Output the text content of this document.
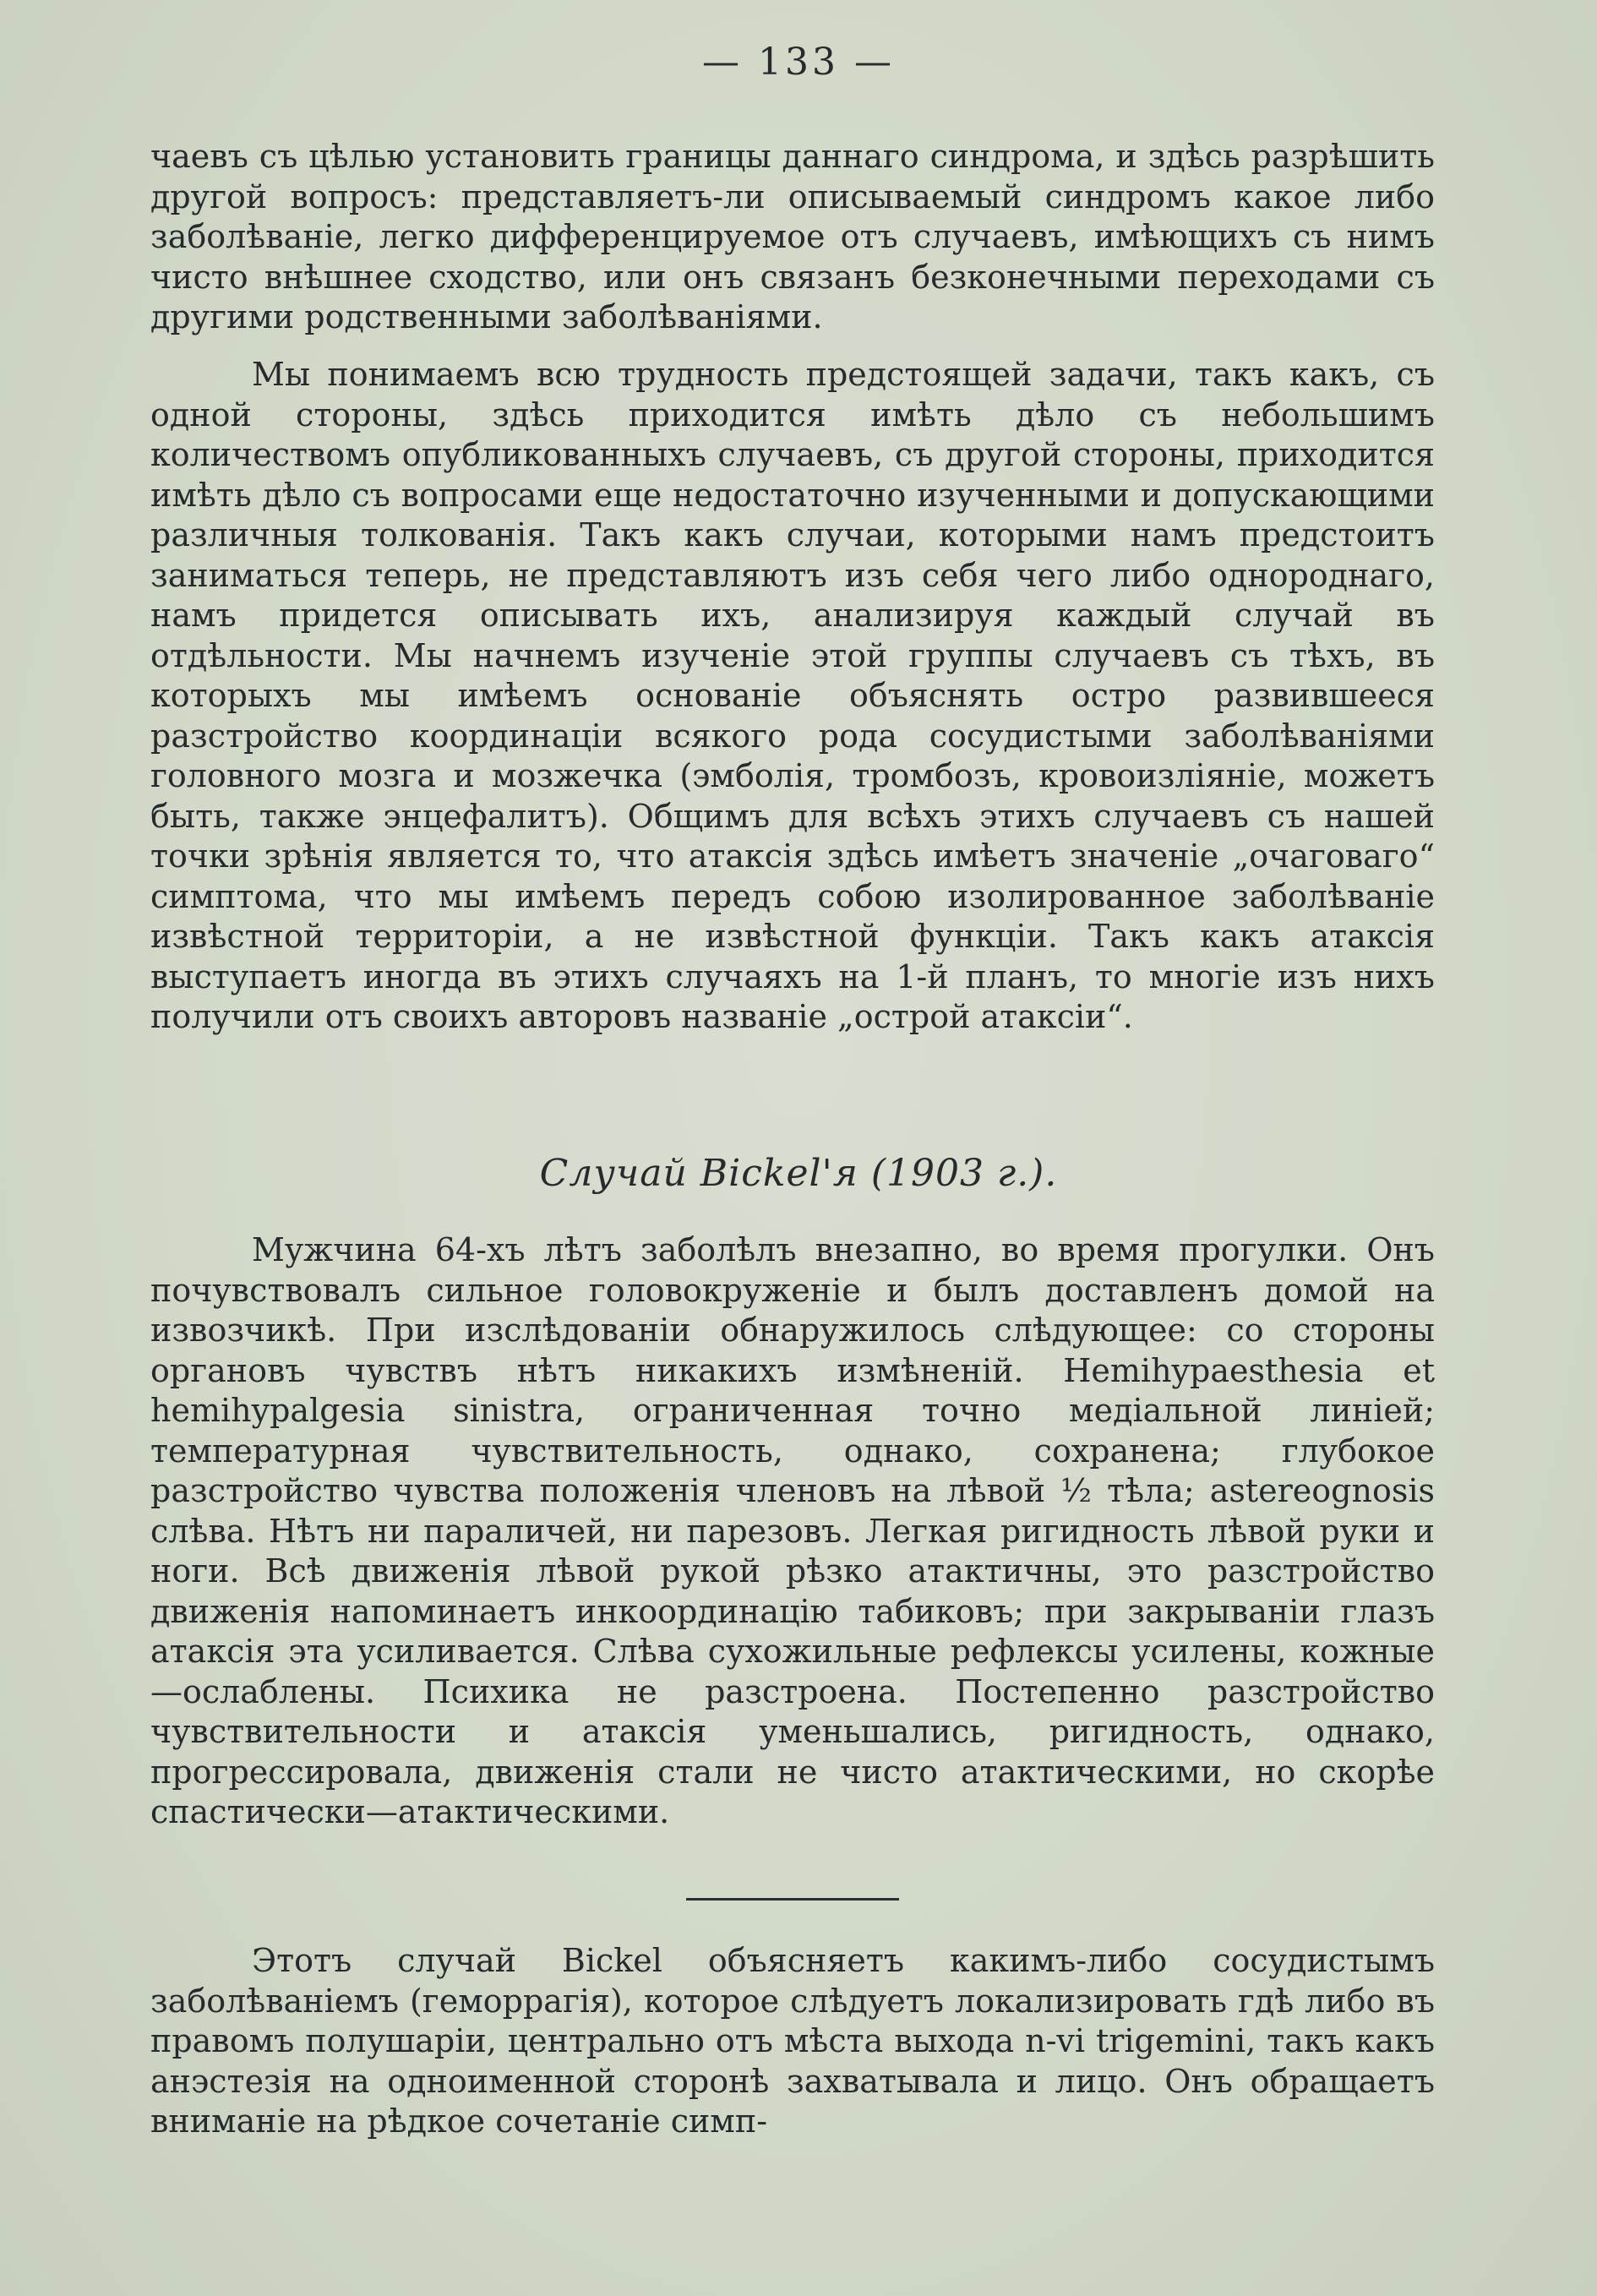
— 133 —

чаевъ съ цѣлью установить границы даннаго синдрома, и здѣсь разрѣшить другой вопросъ: представляетъ-ли описываемый синдромъ какое либо заболѣваніе, легко дифференцируемое отъ случаевъ, имѣющихъ съ нимъ чисто внѣшнее сходство, или онъ связанъ безконечными переходами съ другими родственными заболѣваніями.

Мы понимаемъ всю трудность предстоящей задачи, такъ какъ, съ одной стороны, здѣсь приходится имѣть дѣло съ небольшимъ количествомъ опубликованныхъ случаевъ, съ другой стороны, приходится имѣть дѣло съ вопросами еще недостаточно изученными и допускающими различныя толкованія. Такъ какъ случаи, которыми намъ предстоитъ заниматься теперь, не представляютъ изъ себя чего либо однороднаго, намъ придется описывать ихъ, анализируя каждый случай въ отдѣльности. Мы начнемъ изученіе этой группы случаевъ съ тѣхъ, въ которыхъ мы имѣемъ основаніе объяснять остро развившееся разстройство координаціи всякого рода сосудистыми заболѣваніями головного мозга и мозжечка (эмболія, тромбозъ, кровоизліяніе, можетъ быть, также энцефалитъ). Общимъ для всѣхъ этихъ случаевъ съ нашей точки зрѣнія является то, что атаксія здѣсь имѣетъ значеніе „очаговаго“ симптома, что мы имѣемъ передъ собою изолированное заболѣваніе извѣстной территоріи, а не извѣстной функціи. Такъ какъ атаксія выступаетъ иногда въ этихъ случаяхъ на 1-й планъ, то многіе изъ нихъ получили отъ своихъ авторовъ названіе „острой атаксіи“.

Случай Bickel'я (1903 г.).

Мужчина 64-хъ лѣтъ заболѣлъ внезапно, во время прогулки. Онъ почувствовалъ сильное головокруженіе и былъ доставленъ домой на извозчикѣ. При изслѣдованіи обнаружилось слѣдующее: со стороны органовъ чувствъ нѣтъ никакихъ измѣненій. Hemihypaesthesia et hemihypalgesia sinistra, ограниченная точно медіальной линіей; температурная чувствительность, однако, сохранена; глубокое разстройство чувства положенія членовъ на лѣвой ½ тѣла; astereognosis слѣва. Нѣтъ ни параличей, ни парезовъ. Легкая ригидность лѣвой руки и ноги. Всѣ движенія лѣвой рукой рѣзко атактичны, это разстройство движенія напоминаетъ инкоординацію табиковъ; при закрываніи глазъ атаксія эта усиливается. Слѣва сухожильные рефлексы усилены, кожные—ослаблены. Психика не разстроена. Постепенно разстройство чувствительности и атаксія уменьшались, ригидность, однако, прогрессировала, движенія стали не чисто атактическими, но скорѣе спастически—атактическими.

Этотъ случай Bickel объясняетъ какимъ-либо сосудистымъ заболѣваніемъ (геморрагія), которое слѣдуетъ локализировать гдѣ либо въ правомъ полушаріи, центрально отъ мѣста выхода n-vi trigemini, такъ какъ анэстезія на одноименной сторонѣ захватывала и лицо. Онъ обращаетъ вниманіе на рѣдкое сочетаніе симп-
